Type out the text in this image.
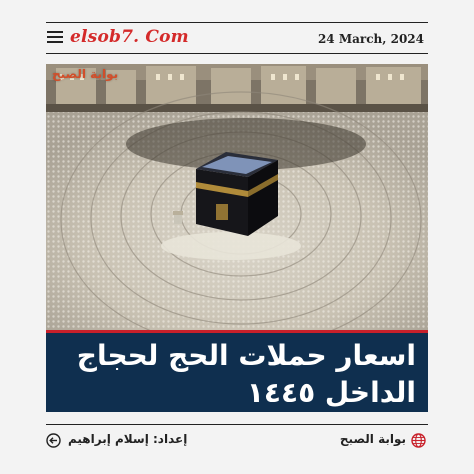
elsob7. Com	24 March, 2024
بوابة الصبح
اسعار حملات الحج لحجاج الداخل ١٤٤٥
بوابة الصبح
إعداد: إسلام إبراهيم
